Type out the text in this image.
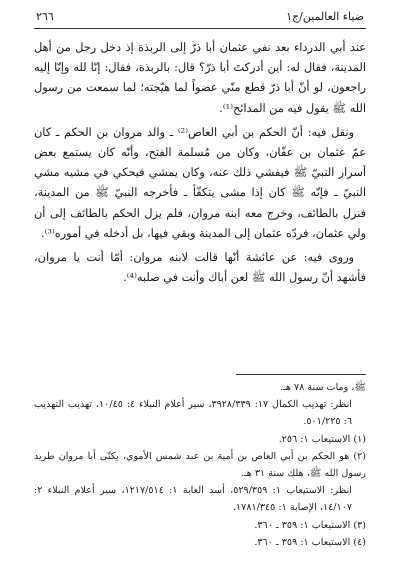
ضياء العالمين/ج١
٢٦٦

عند أبي الدرداء بعد نفي عثمان أبا ذرّ إلى الربذة إذ دخل رجل من أهل المدينة، فقال له: أين أدركتَ أبا ذرّ؟ قال: بالربذة، فقال: إنّا لله وإنّا إليه راجعون، لو أنّ أبا ذرّ قطع منّي عضواً لما هيّجته؛ لما سمعت من رسول الله ﷺ يقول فيه من المدائح⁽¹⁾.

ونقل فيه: أنّ الحكم بن أبي العاص⁽²⁾ ـ والد مروان بن الحكم ـ كان عمّ عثمان بن عفّان، وكان من مُسلمة الفتح، وأنّه كان يستمع بعض أسرار النبيّ ﷺ فيفشي ذلك عنه، وكان يمشي فيحكي في مشيه مشي النبيّ ـ فإنّه ﷺ كان إذا مشى يتكفّأ ـ فأخرجه النبيّ ﷺ من المدينة، فنزل بالطائف، وخرج معه ابنه مروان، فلم يزل الحكم بالطائف إلى أن ولي عثمان، فردّه عثمان إلى المدينة وبقي فيها، بل أدخله في أموره⁽³⁾.

وروى فيه: عن عائشة أنّها قالت لابنه مروان: أمّا أنت يا مروان، فأشهد أنّ رسول الله ﷺ لعن أباك وأنت في صلبه⁽⁴⁾.

ﷺ، ومات سنة ٧٨ هـ.

انظر: تهذيب الكمال ١٧: ٣٩٢٨/٣٣٩، سير أعلام النبلاء ٤: ١٠/٤٥، تهذيب التهذيب ٦: ٥٠١/٢٢٥.

(١) الاستيعاب ١: ٢٥٦.

(٢) هو الحكم بن أبي العاص بن أمية بن عبد شمس الأموي، يكنّى أبا مروان طريد رسول الله ﷺ، هلك سنة ٣١ هـ.

انظر: الاستيعاب ١: ٥٢٩/٣٥٩، أسد الغابة ١: ١٢١٧/٥١٤، سير أعلام النبلاء ٢: ١٤/١٠٧، الإصابة ١: ١٧٨١/٣٤٥.

(٣) الاستيعاب ١: ٣٥٩ ـ ٣٦٠.

(٤) الاستيعاب ١: ٣٥٩ ـ ٣٦٠.
